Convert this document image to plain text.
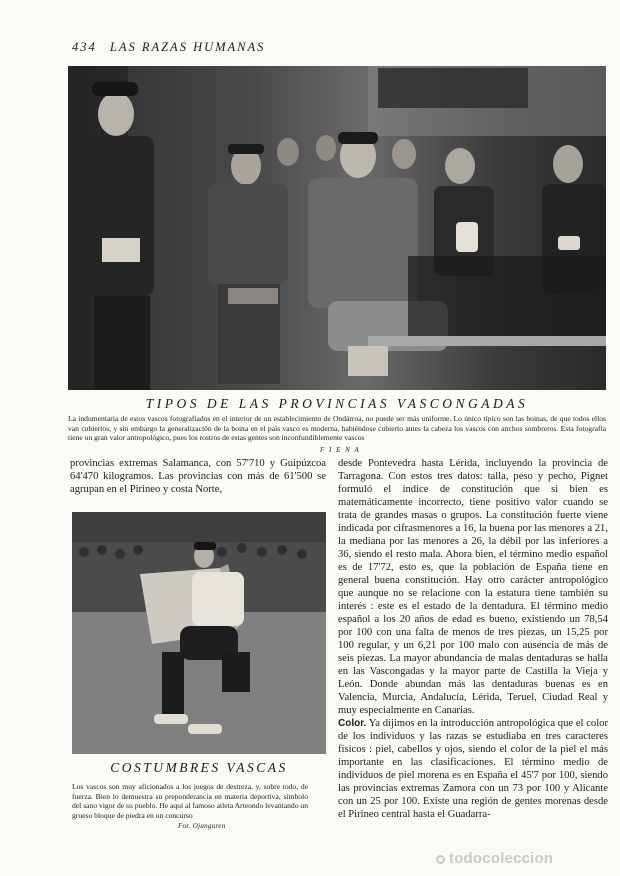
434 LAS RAZAS HUMANAS
TIPOS DE LAS PROVINCIAS VASCONGADAS
La indumentaria de estos vascos fotografiados en el interior de un establecimiento de Ondárroa, no puede ser más uniforme. Lo único típico son las boinas, de que todos ellos van cubiertos, y sin embargo la generalización de la boina en el país vasco es moderna, habiéndose cubierto antes la cabeza los vascos con anchos sombreros. Esta fotografía tiene un gran valor antropológico, pues los rostros de estas gentes son inconfundiblemente vascos
F I E N A
provincias extremas Salamanca, con 57'710 y Guipúzcoa 64'470 kilogramos. Las provincias con más de 61'500 se agrupan en el Pirineo y costa Norte,
COSTUMBRES VASCAS
Los vascos son muy aficionados a los juegos de destreza, y, sobre todo, de fuerza. Bien lo demuestra su preponderancia en materia deportiva, símbolo del sano vigor de su pueblo. He aquí al famoso atleta Arteondo levantando un grueso bloque de piedra en un concurso
Fot. Ojanguren
desde Pontevedra hasta Lérida, incluyendo la provincia de Tarragona. Con estos tres datos: talla, peso y pecho, Pignet formuló el índice de constitución que si bien es matemáticamente incorrecto, tiene positivo valor cuando se trata de grandes masas o grupos. La constitución fuerte viene indicada por cifrasmenores a 16, la buena por las menores a 21, la mediana por las menores a 26, la débil por las inferiores a 36, siendo el resto mala. Ahora bien, el término medio español es de 17'72, esto es, que la población de España tiene en general buena constitución. Hay otro carácter antropológico que aunque no se relacione con la estatura tiene también su interés : este es el estado de la dentadura. El término medio español a los 20 años de edad es bueno, existiendo un 78,54 por 100 con una falta de menos de tres piezas, un 15,25 por 100 regular, y un 6,21 por 100 malo con ausencia de más de seis piezas. La mayor abundancia de malas dentaduras se halla en las Vascongadas y la mayor parte de Castilla la Vieja y León. Donde abundan más las dentaduras buenas es en Valencia, Murcia, Andalucía, Lérida, Teruel, Ciudad Real y muy especialmente en Canarias.
Color. Ya dijimos en la introducción antropológica que el color de los individuos y las razas se estudiaba en tres caracteres físicos : piel, cabellos y ojos, siendo el color de la piel el más importante en las clasificaciones. El término medio de individuos de piel morena es en España el 45'7 por 100, siendo las provincias extremas Zamora con un 73 por 100 y Alicante con un 25 por 100. Existe una región de gentes morenas desde el Pirineo central hasta el Guadarra-
todocoleccion
